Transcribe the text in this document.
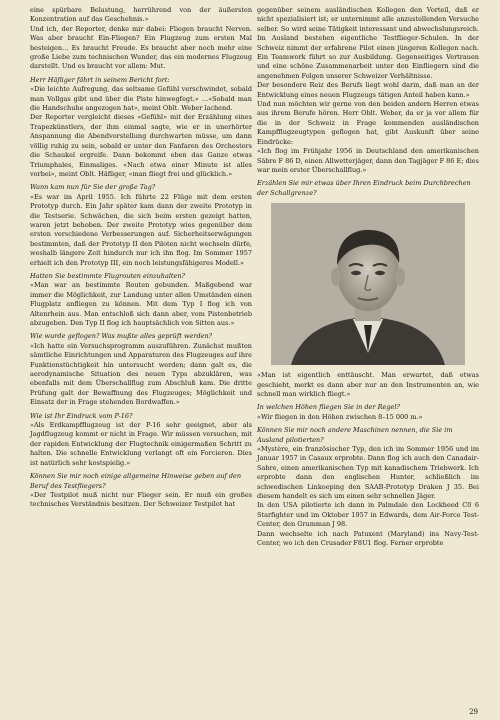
eine spürbare Belastung, herrührend von der äußersten Konzentration auf das Geschehnis.»

Und ich, der Reporter, denke mir dabei: Fliegen braucht Nerven. Was aber braucht Ein-Fliegen? Ein Flugzeug zum ersten Mal besteigen… Es braucht Freude. Es braucht aber noch mehr eine große Liebe zum technischen Wunder, das ein modernes Flugzeug darstellt. Und es braucht vor allem: Mut.

Herr Häfliger fährt in seinem Bericht fort:

«Die leichte Aufregung, das seltsame Gefühl verschwindet, sobald man Vollgas gibt und über die Piste hinwegfegt.» …«Sobald man die Handschuhe angezogen hat», meint Oblt. Weber lachend.

Der Reporter vergleicht dieses «Gefühl» mit der Erzählung eines Trapezkünstlers, der ihm einmal sagte, wie er in unerhörter Anspannung die Abendvorstellung durchwarten müsse, um dann völlig ruhig zu sein, sobald er unter den Fanfaren des Orchesters die Schaukel ergreife. Dann bekommt eben das Ganze etwas Triumphales, Einmaliges. «Nach etwa einer Minute ist alles vorbei», meint Oblt. Häfliger, «man fliegt frei und glücklich.»

Wann kam nun für Sie der große Tag?

«Es war im April 1955. Ich führte 22 Flüge mit dem ersten Prototyp durch. Ein Jahr später kam dann der zweite Prototyp in die Testserie. Schwächen, die sich beim ersten gezeigt hatten, waren jetzt behoben. Der zweite Prototyp wies gegenüber dem ersten verschiedene Verbesserungen auf. Sicherheitserwägungen bestimmten, daß der Prototyp II den Piloten nicht wechseln dürfe, weshalb längere Zeit hindurch nur ich ihn flog. Im Sommer 1957 erhielt ich den Prototyp III, ein noch leistungsfähigeres Modell.»

Hatten Sie bestimmte Flugrouten einzuhalten?

«Man war an bestimmte Routen gebunden. Maßgebend war immer die Möglichkeit, zur Landung unter allen Umständen einen Flugplatz anfliegen zu können. Mit dem Typ I flog ich von Altenrhein aus. Man entschloß sich dann aber, vom Pistenbetrieb abzugeben. Den Typ II flog ich hauptsächlich von Sitten aus.»

Wie wurde geflogen? Was mußte alles geprüft werden?

«Ich hatte ein Versuchsprogramm auszuführen. Zunächst mußten sämtliche Einrichtungen und Apparaturen des Flugzeuges auf ihre Funktionstüchtigkeit hin untersucht werden; dann galt es, die aerodynamische Situation des neuen Typs abzuklären, was ebenfalls mit dem Überschallflug zum Abschluß kam. Die dritte Prüfung galt der Bewaffnung des Flugzeuges; Möglichkeit und Einsatz der in Frage stehenden Bordwaffen.»

Wie ist Ihr Eindruck vom P-16?

«Als Erdkampfflugzeug ist der P-16 sehr geeignet, aber als Jagdflugzeug kommt er nicht in Frage. Wir müssen versuchen, mit der rapiden Entwicklung der Flugtechnik einigermaßen Schritt zu halten. Die schnelle Entwicklung verlangt oft ein Forcieren. Dies ist natürlich sehr kostspielig.»

Können Sie mir noch einige allgemeine Hinweise geben auf den Beruf des Testfliegers?

«Der Testpilot muß nicht nur Flieger sein. Er muß ein großes technisches Verständnis besitzen. Der Schweizer Testpilot hat

gegenüber seinem ausländischen Kollegen den Vorteil, daß er nicht spezialisiert ist; er unternimmt alle anzustellenden Versuche selber. So wird seine Tätigkeit interessant und abwechslungsreich. Im Ausland bestehen eigentliche Testflieger-Schulen. In der Schweiz nimmt der erfahrene Pilot einen jüngeren Kollegen nach. Ein Teamwork führt so zur Ausbildung. Gegenseitiges Vertrauen und eine schöne Zusammenarbeit unter den Einfliegern sind die angenehmen Folgen unserer Schweizer Verhältnisse.

Der besondere Reiz des Berufs liegt wohl darin, daß man an der Entwicklung eines neuen Flugzeugs tätigen Anteil haben kann.»

Und nun möchten wir gerne von den beiden andern Herren etwas aus ihrem Berufe hören. Herr Oblt. Weber, da er ja vor allem für die in der Schweiz in Frage kommenden ausländischen Kampfflugzeugtypen geflogen hat, gibt Auskunft über seine Eindrücke:

«Ich flog im Frühjahr 1956 in Deutschland den amerikanischen Säbre F 86 D, einen Allwetterjäger, dann den Tagjäger F 86 E; dies war mein erster Überschallflug.»

Erzählen Sie mir etwas über Ihren Eindruck beim Durchbrechen der Schallgrenze?

«Man ist eigentlich enttäuscht. Man erwartet, daß etwas geschieht, merkt es dann aber nur an den Instrumenten an, wie schnell man wirklich fliegt.»

In welchen Höhen fliegen Sie in der Regel?

«Wir fliegen in den Höhen zwischen 8–15 000 m.»

Können Sie mir noch andere Maschinen nennen, die Sie im Ausland pilotierten?

«Mystère, ein französischer Typ, den ich im Sommer 1956 und im Januar 1957 in Casaux erprobte. Dann flog ich auch den Canadair-Sabre, einen amerikanischen Typ mit kanadischem Triebwerk. Ich erprobte dann den englischen Hunter, schließlich im schwedischen Linkoeping den SAAB-Prototyp Draken J 35. Bei diesem handelt es sich um einen sehr schnellen Jäger.

In den USA pilotierte ich dann in Palmdale den Lockheed C0 6 Starfighter und im Oktober 1957 in Edwards, dem Air-Force Test-Center, den Grumman J 98.

Dann wechselte ich nach Patuxent (Maryland) ins Navy-Test-Center, wo ich den Crusader F8U1 flog. Ferner erprobte

29
